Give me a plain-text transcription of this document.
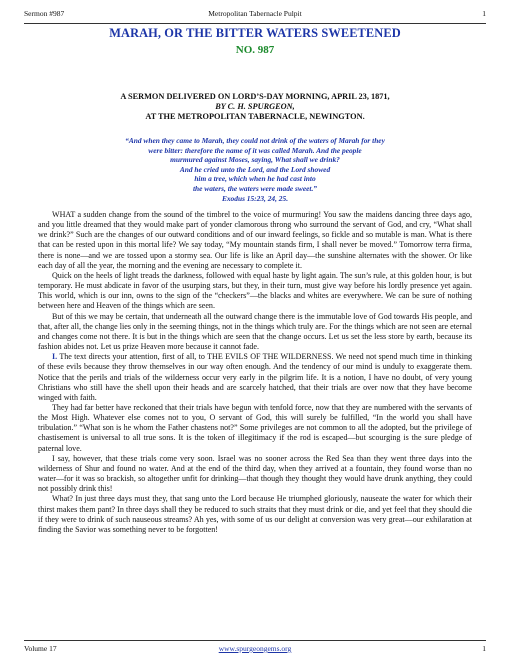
Sermon #987	Metropolitan Tabernacle Pulpit	1
MARAH, OR THE BITTER WATERS SWEETENED
NO. 987
A SERMON DELIVERED ON LORD’S-DAY MORNING, APRIL 23, 1871,
BY C. H. SPURGEON,
AT THE METROPOLITAN TABERNACLE, NEWINGTON.
“And when they came to Marah, they could not drink of the waters of Marah for they
were bitter: therefore the name of it was called Marah. And the people
murmured against Moses, saying, What shall we drink?
And he cried unto the Lord, and the Lord showed
him a tree, which when he had cast into
the waters, the waters were made sweet.”
Exodus 15:23, 24, 25.

WHAT a sudden change from the sound of the timbrel to the voice of murmuring! You saw the maidens dancing three days ago, and you little dreamed that they would make part of yonder clamorous throng who surround the servant of God, and cry, “What shall we drink?” Such are the changes of our outward conditions and of our inward feelings, so fickle and so mutable is man. What is there that can be rested upon in this mortal life? We say today, “My mountain stands firm, I shall never be moved.” Tomorrow terra firma, there is none—and we are tossed upon a stormy sea. Our life is like an April day—the sunshine alternates with the shower. Or like each day of all the year, the morning and the evening are necessary to complete it.

Quick on the heels of light treads the darkness, followed with equal haste by light again. The sun’s rule, at this golden hour, is but temporary. He must abdicate in favor of the usurping stars, but they, in their turn, must give way before his lordly presence yet again. This world, which is our inn, owns to the sign of the “checkers”—the blacks and whites are everywhere. We can be sure of nothing between here and Heaven of the things which are seen.

But of this we may be certain, that underneath all the outward change there is the immutable love of God towards His people, and that, after all, the change lies only in the seeming things, not in the things which truly are. For the things which are not seen are eternal and changes come not there. It is but in the things which are seen that the change occurs. Let us set the less store by earth, because its fashion abides not. Let us prize Heaven more because it cannot fade.

I. The text directs your attention, first of all, to THE EVILS OF THE WILDERNESS. We need not spend much time in thinking of these evils because they throw themselves in our way often enough. And the tendency of our mind is unduly to exaggerate them. Notice that the perils and trials of the wilderness occur very early in the pilgrim life. It is a notion, I have no doubt, of very young Christians who still have the shell upon their heads and are scarcely hatched, that their trials are over now that they have become winged with faith.

They had far better have reckoned that their trials have begun with tenfold force, now that they are numbered with the servants of the Most High. Whatever else comes not to you, O servant of God, this will surely be fulfilled, “In the world you shall have tribulation.” “What son is he whom the Father chastens not?” Some privileges are not common to all the adopted, but the privilege of chastisement is universal to all true sons. It is the token of illegitimacy if the rod is escaped—but scourging is the sure pledge of paternal love.

I say, however, that these trials come very soon. Israel was no sooner across the Red Sea than they went three days into the wilderness of Shur and found no water. And at the end of the third day, when they arrived at a fountain, they found worse than no water—for it was so brackish, so altogether unfit for drinking—that though they thought they would have drunk anything, they could not possibly drink this!

What? In just three days must they, that sang unto the Lord because He triumphed gloriously, nauseate the water for which their thirst makes them pant? In three days shall they be reduced to such straits that they must drink or die, and yet feel that they should die if they were to drink of such nauseous streams? Ah yes, with some of us our delight at conversion was very great—our exhilaration at finding the Savior was something never to be forgotten!

Volume 17	www.spurgeongems.org	1
